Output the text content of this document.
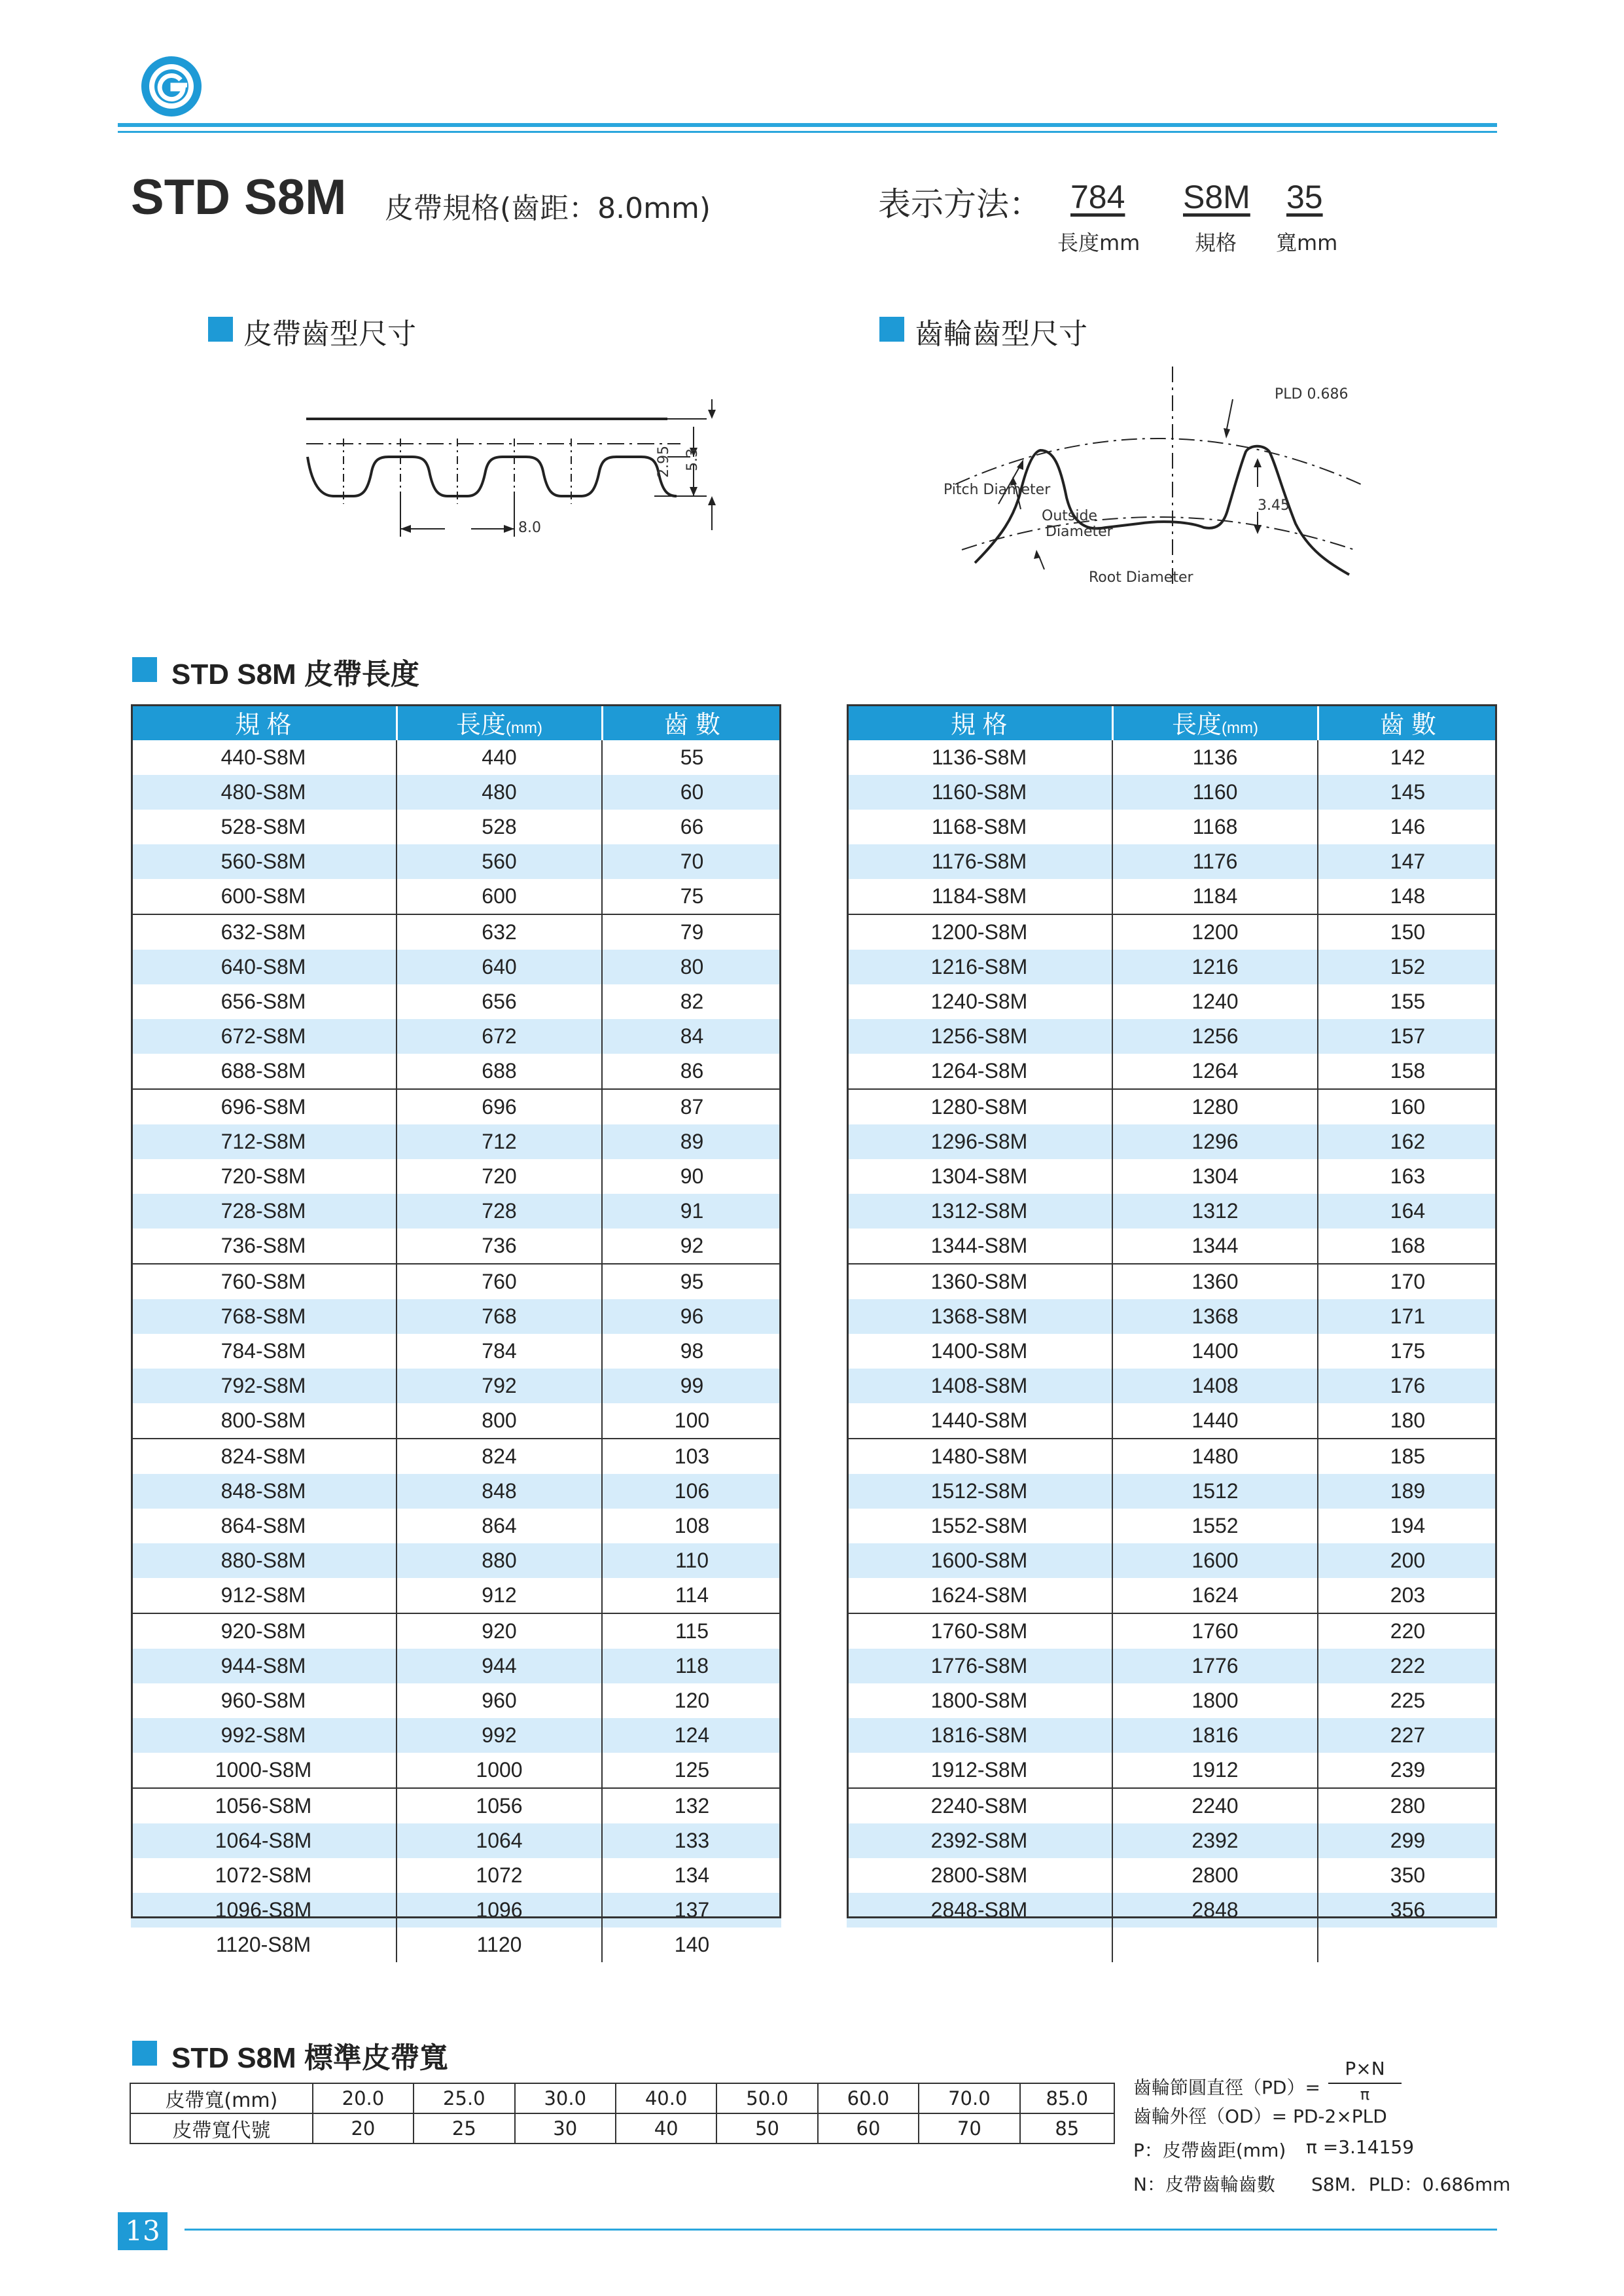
STD S8M 皮帶規格(齒距：8.0mm)	表示方法： 784 S8M 35
長度mm	規格 寬mm
皮帶齒型尺寸	齒輪齒型尺寸
8.0
2.95 5.3
PLD 0.686
Pitch Diameter
Outside
Diameter
Root Diameter
3.45
STD S8M 皮帶長度
規 格	長度(mm)	齒 數
440-S8M	440	55
480-S8M	480	60
528-S8M	528	66
560-S8M	560	70
600-S8M	600	75
632-S8M	632	79
640-S8M	640	80
656-S8M	656	82
672-S8M	672	84
688-S8M	688	86
696-S8M	696	87
712-S8M	712	89
720-S8M	720	90
728-S8M	728	91
736-S8M	736	92
760-S8M	760	95
768-S8M	768	96
784-S8M	784	98
792-S8M	792	99
800-S8M	800	100
824-S8M	824	103
848-S8M	848	106
864-S8M	864	108
880-S8M	880	110
912-S8M	912	114
920-S8M	920	115
944-S8M	944	118
960-S8M	960	120
992-S8M	992	124
1000-S8M	1000	125
1056-S8M	1056	132
1064-S8M	1064	133
1072-S8M	1072	134
1096-S8M	1096	137
1120-S8M	1120	140
規 格	長度(mm)	齒 數
1136-S8M	1136	142
1160-S8M	1160	145
1168-S8M	1168	146
1176-S8M	1176	147
1184-S8M	1184	148
1200-S8M	1200	150
1216-S8M	1216	152
1240-S8M	1240	155
1256-S8M	1256	157
1264-S8M	1264	158
1280-S8M	1280	160
1296-S8M	1296	162
1304-S8M	1304	163
1312-S8M	1312	164
1344-S8M	1344	168
1360-S8M	1360	170
1368-S8M	1368	171
1400-S8M	1400	175
1408-S8M	1408	176
1440-S8M	1440	180
1480-S8M	1480	185
1512-S8M	1512	189
1552-S8M	1552	194
1600-S8M	1600	200
1624-S8M	1624	203
1760-S8M	1760	220
1776-S8M	1776	222
1800-S8M	1800	225
1816-S8M	1816	227
1912-S8M	1912	239
2240-S8M	2240	280
2392-S8M	2392	299
2800-S8M	2800	350
2848-S8M	2848	356

STD S8M 標準皮帶寬
皮帶寬(mm)	20.0	25.0	30.0	40.0	50.0	60.0	70.0	85.0
皮帶寬代號	20	25	30	40	50	60	70	85
齒輪節圓直徑（PD）=
P×N
π
齒輪外徑（OD）= PD-2×PLD
P：皮帶齒距(mm) π =3.14159
N：皮帶齒輪齒數 S8M．PLD：0.686mm
13
